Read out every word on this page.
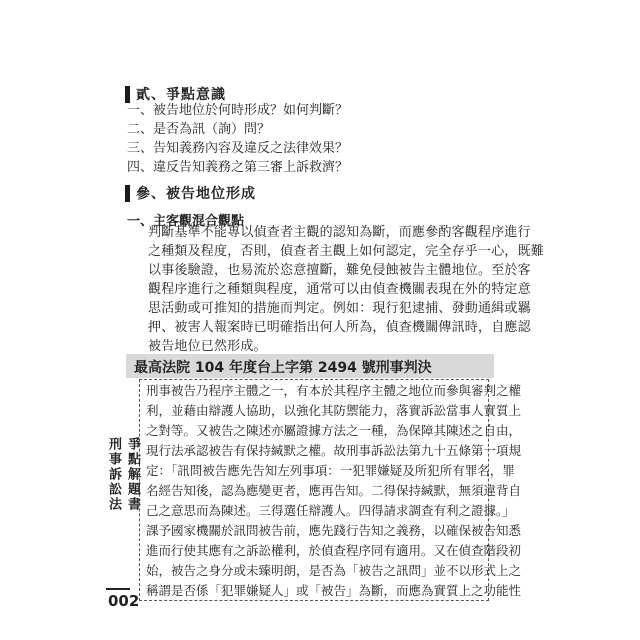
貳、爭點意識
一、被告地位於何時形成？如何判斷？
二、是否為訊（詢）問？
三、告知義務內容及違反之法律效果？
四、違反告知義務之第三審上訴救濟？
參、被告地位形成
一、主客觀混合觀點
判斷基準不能專以偵查者主觀的認知為斷，而應參酌客觀程序進行
之種類及程度，否則，偵查者主觀上如何認定，完全存乎一心，既難
以事後驗證，也易流於恣意擅斷，難免侵蝕被告主體地位。至於客
觀程序進行之種類與程度，通常可以由偵查機關表現在外的特定意
思活動或可推知的措施而判定。例如：現行犯逮捕、發動通緝或羈
押、被害人報案時已明確指出何人所為，偵查機關傳訊時，自應認
最高法院 104 年度台上字第 2494 號刑事判決
刑事被告乃程序主體之一，有本於其程序主體之地位而參與審判之權
利，並藉由辯護人協助，以強化其防禦能力，落實訴訟當事人實質上
之對等。又被告之陳述亦屬證據方法之一種，為保障其陳述之自由，
現行法承認被告有保持緘默之權。故刑事訴訟法第九十五條第一項規
定：「訊問被告應先告知左列事項：一犯罪嫌疑及所犯所有罪名，罪
名經告知後，認為應變更者，應再告知。二得保持緘默，無須違背自
己之意思而為陳述。三得選任辯護人。四得請求調查有利之證據。」
課予國家機關於訊問被告前，應先踐行告知之義務，以確保被告知悉
進而行使其應有之訴訟權利，於偵查程序同有適用。又在偵查階段初
始，被告之身分或未臻明朗，是否為「被告之訊問」並不以形式上之
稱謂是否係「犯罪嫌疑人」或「被告」為斷，而應為實質上之功能性
爭點解題書
刑事訴訟法
002
被告地位已然形成。
